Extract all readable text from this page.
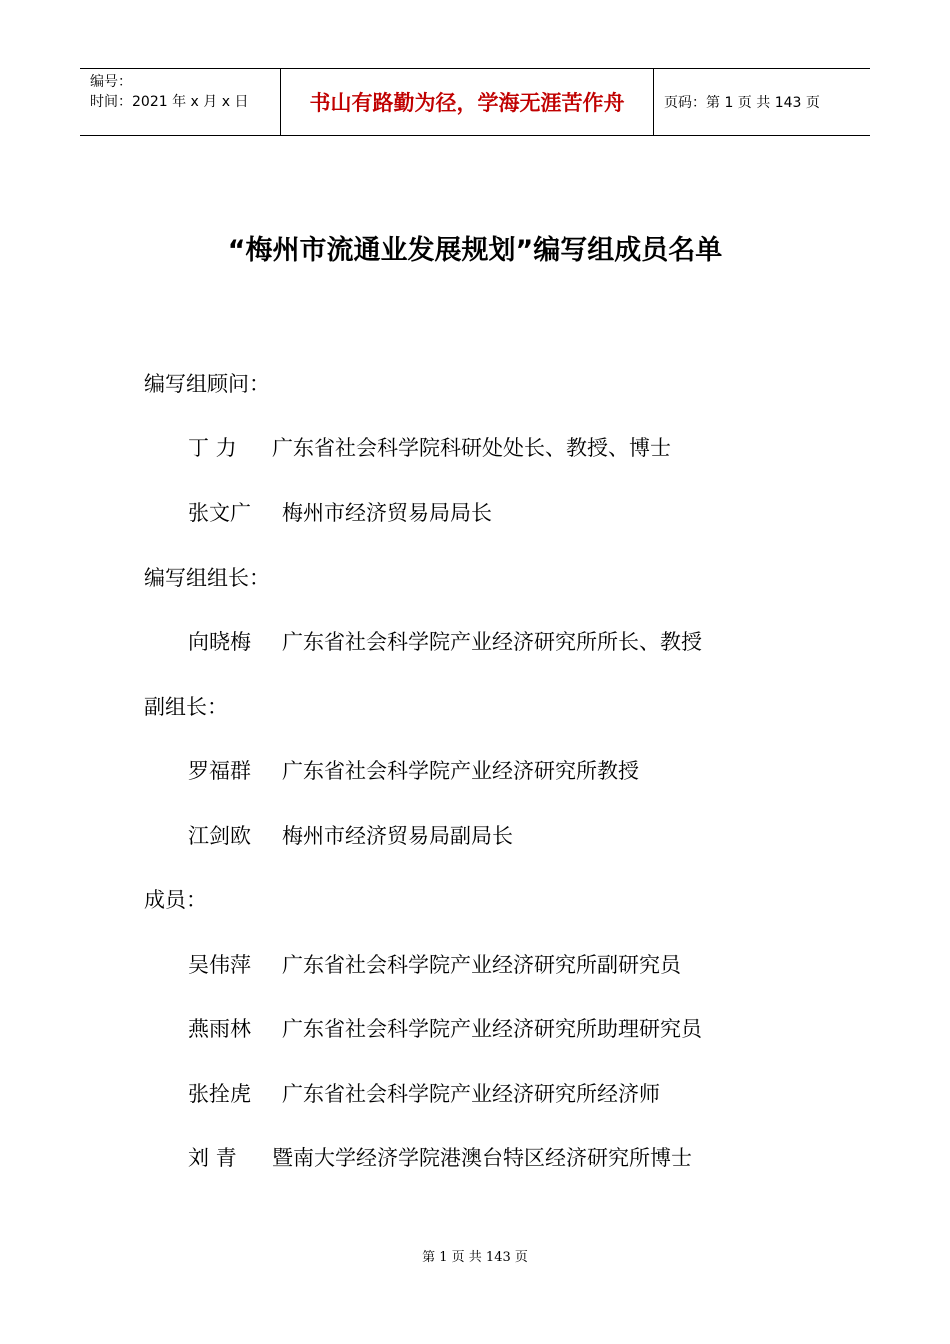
编号：
时间：2021 年 x 月 x 日	书山有路勤为径，学海无涯苦作舟	页码：第 1 页 共 143 页
“梅州市流通业发展规划”编写组成员名单
编写组顾问：
丁 力	广东省社会科学院科研处处长、教授、博士
张文广	梅州市经济贸易局局长
编写组组长：
向晓梅	广东省社会科学院产业经济研究所所长、教授
副组长：
罗福群	广东省社会科学院产业经济研究所教授
江剑欧	梅州市经济贸易局副局长
成员：
吴伟萍	广东省社会科学院产业经济研究所副研究员
燕雨林	广东省社会科学院产业经济研究所助理研究员
张拴虎	广东省社会科学院产业经济研究所经济师
刘 青	暨南大学经济学院港澳台特区经济研究所博士
第 1 页 共 143 页
